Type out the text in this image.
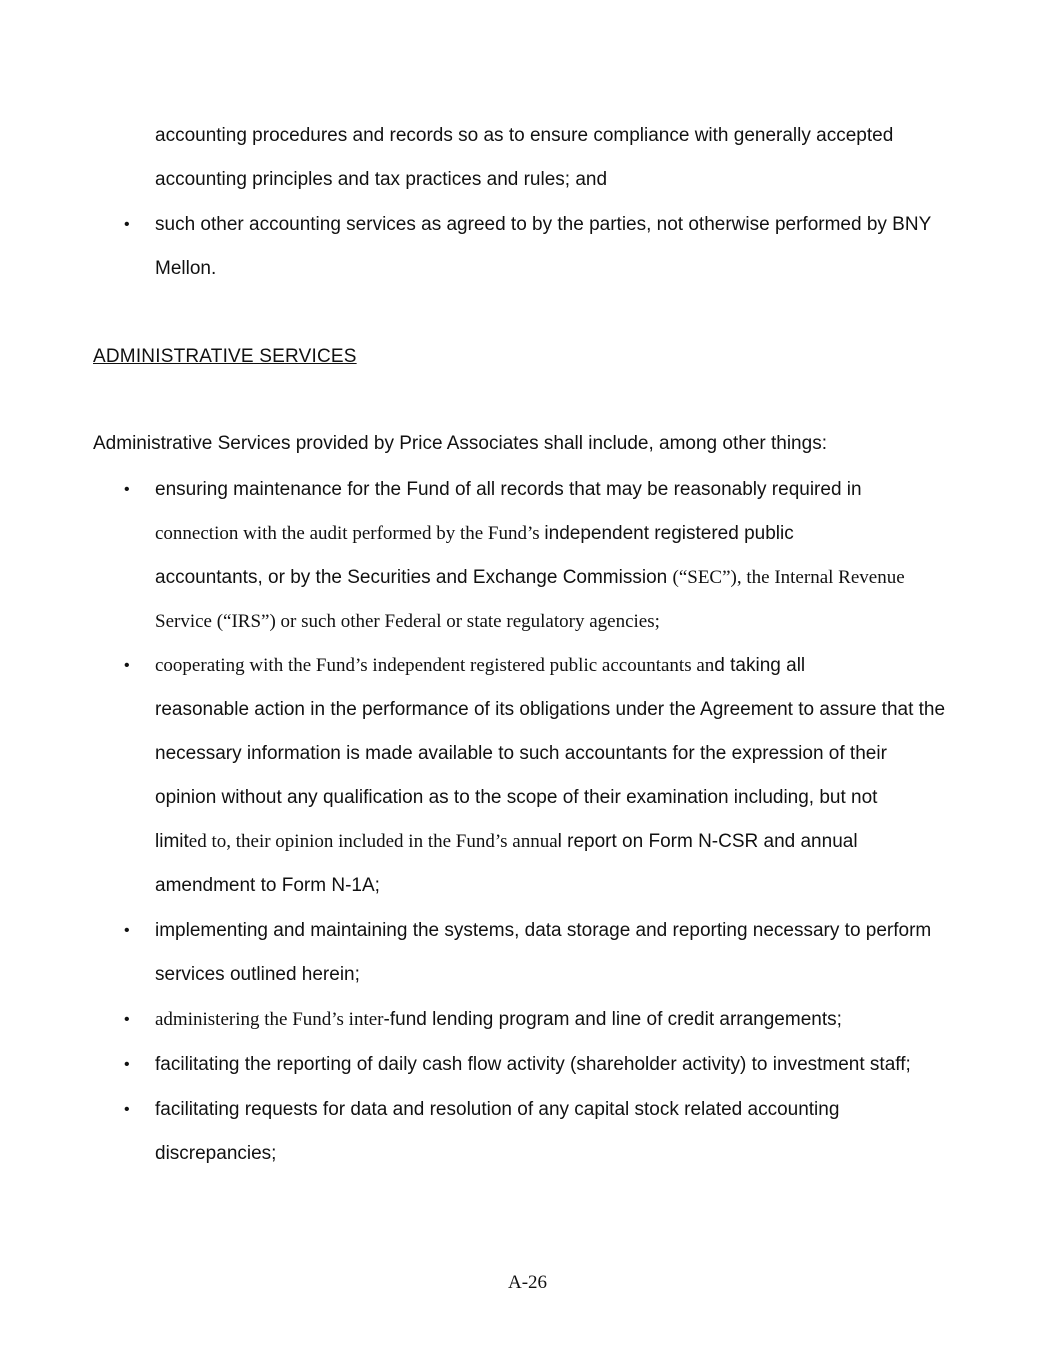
accounting procedures and records so as to ensure compliance with generally accepted
accounting principles and tax practices and rules; and
• such other accounting services as agreed to by the parties, not otherwise performed by BNY
Mellon.
ADMINISTRATIVE SERVICES
Administrative Services provided by Price Associates shall include, among other things:
• ensuring maintenance for the Fund of all records that may be reasonably required in
connection with the audit performed by the Fund’s independent registered public
accountants, or by the Securities and Exchange Commission (“SEC”), the Internal Revenue
Service (“IRS”) or such other Federal or state regulatory agencies;
• cooperating with the Fund’s independent registered public accountants and taking all
reasonable action in the performance of its obligations under the Agreement to assure that the
necessary information is made available to such accountants for the expression of their
opinion without any qualification as to the scope of their examination including, but not
limited to, their opinion included in the Fund’s annual report on Form N-CSR and annual
amendment to Form N-1A;
• implementing and maintaining the systems, data storage and reporting necessary to perform
services outlined herein;
• administering the Fund’s inter-fund lending program and line of credit arrangements;
• facilitating the reporting of daily cash flow activity (shareholder activity) to investment staff;
• facilitating requests for data and resolution of any capital stock related accounting
discrepancies;
A-26
